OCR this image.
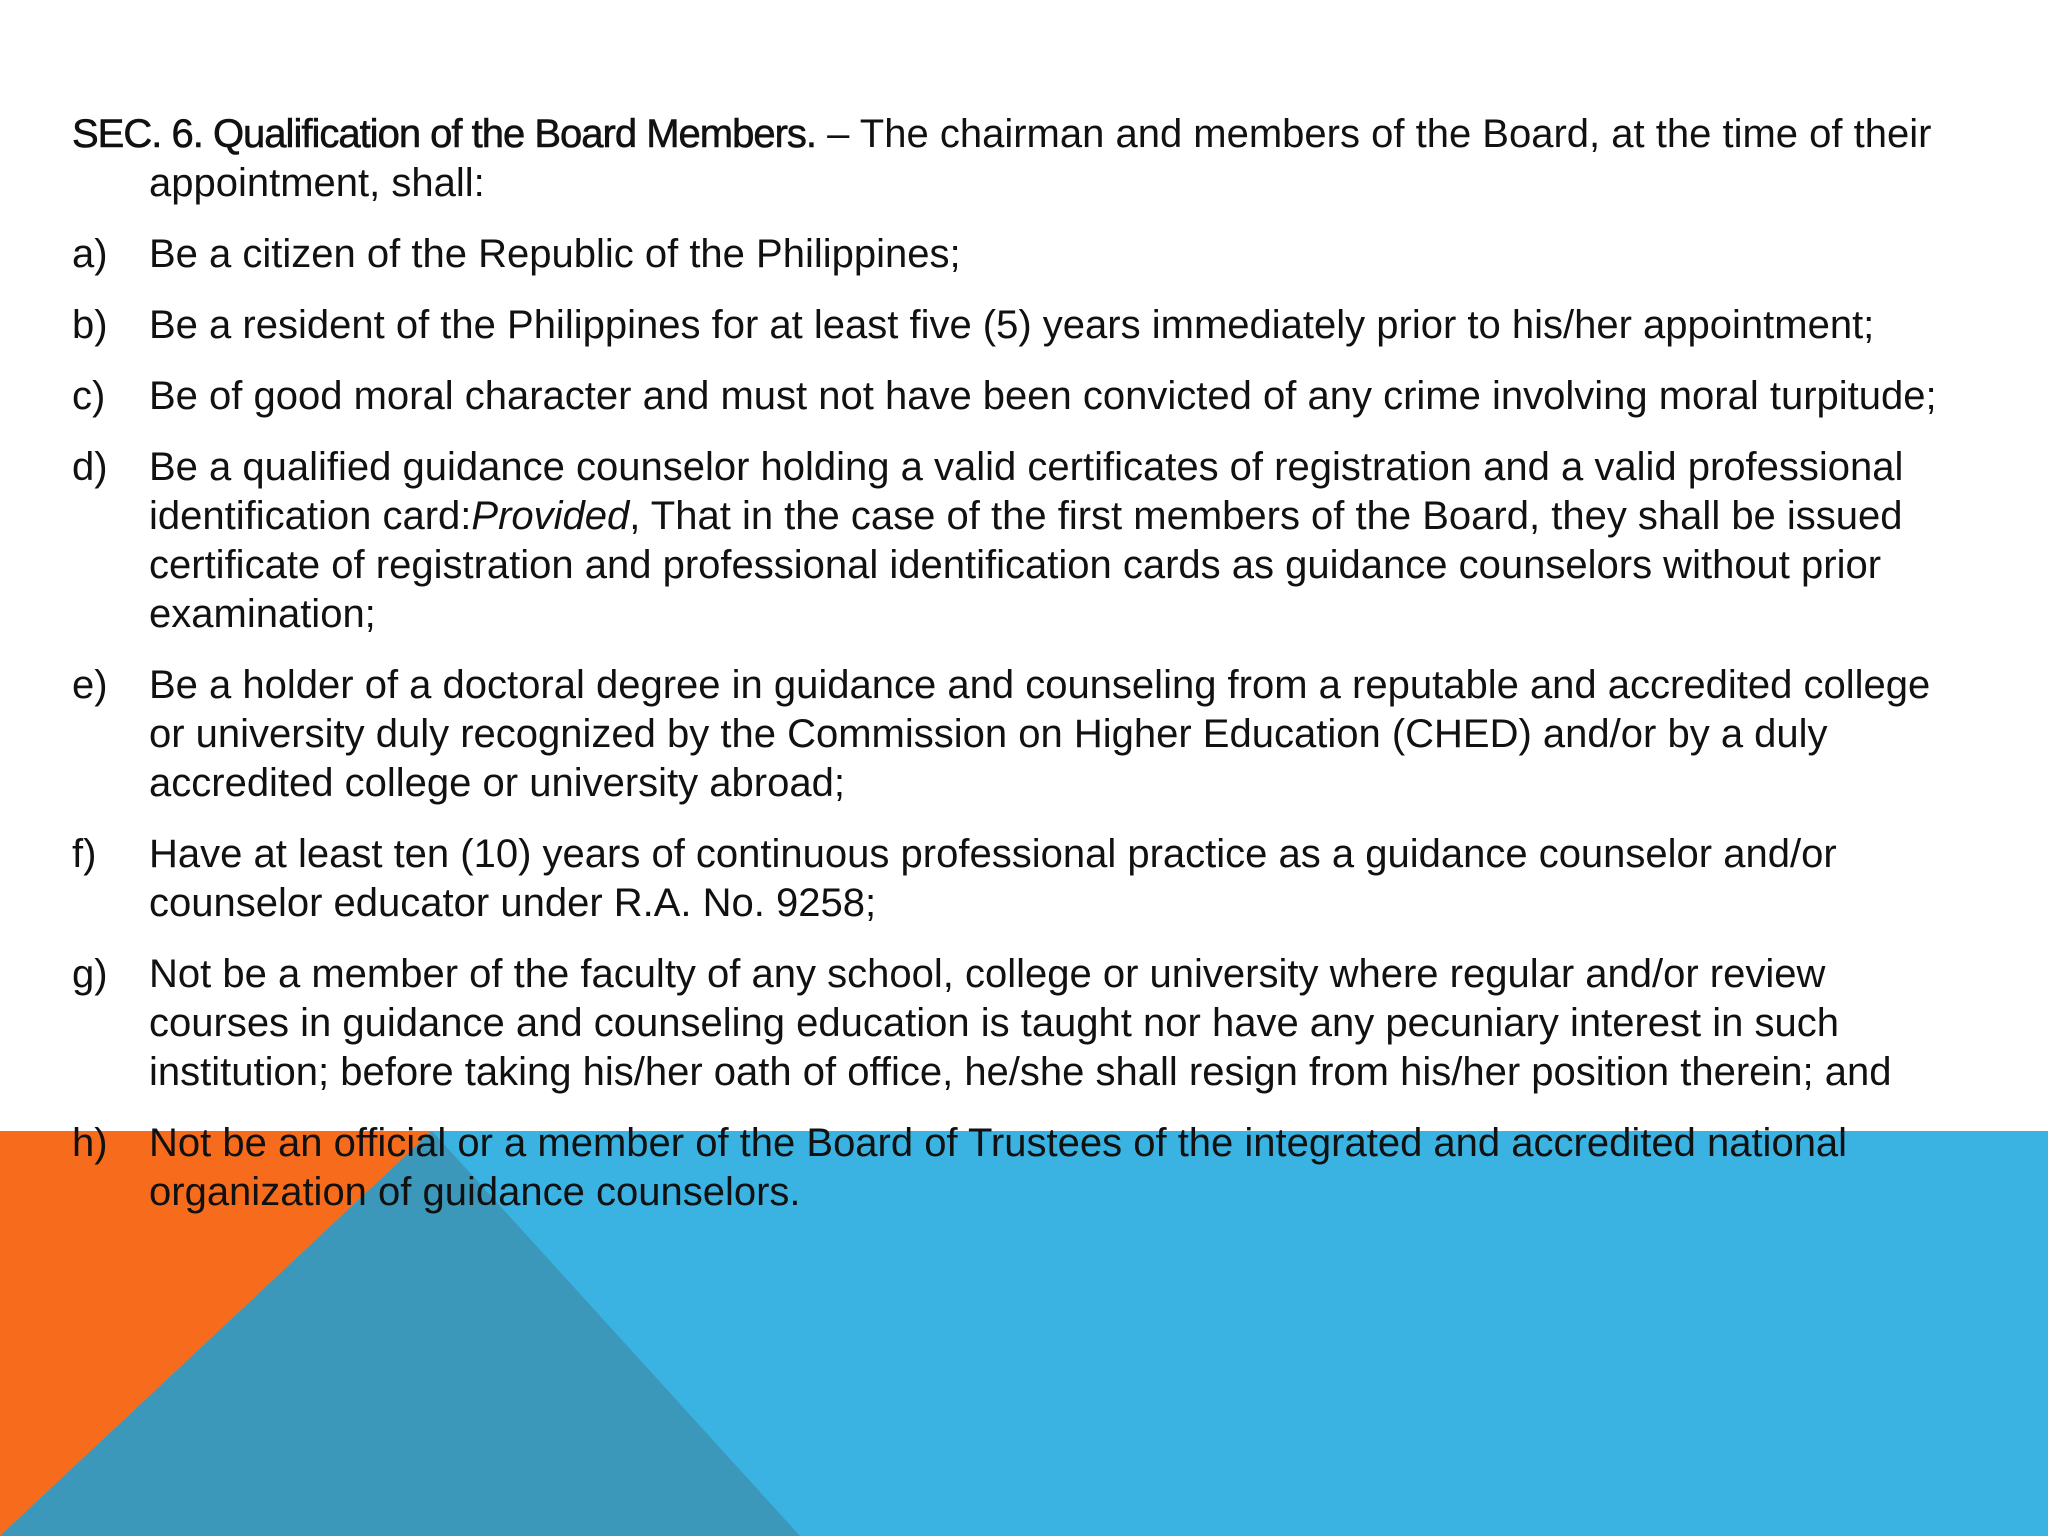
SEC. 6. Qualification of the Board Members. – The chairman and members of the Board, at the time of their appointment, shall:

a)	Be a citizen of the Republic of the Philippines;
b)	Be a resident of the Philippines for at least five (5) years immediately prior to his/her appointment;
c)	Be of good moral character and must not have been convicted of any crime involving moral turpitude;
d)	Be a qualified guidance counselor holding a valid certificates of registration and a valid professional identification card:Provided, That in the case of the first members of the Board, they shall be issued certificate of registration and professional identification cards as guidance counselors without prior examination;
e)	Be a holder of a doctoral degree in guidance and counseling from a reputable and accredited college or university duly recognized by the Commission on Higher Education (CHED) and/or by a duly accredited college or university abroad;
f)	Have at least ten (10) years of continuous professional practice as a guidance counselor and/or counselor educator under R.A. No. 9258;
g)	Not be a member of the faculty of any school, college or university where regular and/or review courses in guidance and counseling education is taught nor have any pecuniary interest in such institution; before taking his/her oath of office, he/she shall resign from his/her position therein; and
h)	Not be an official or a member of the Board of Trustees of the integrated and accredited national organization of guidance counselors.
